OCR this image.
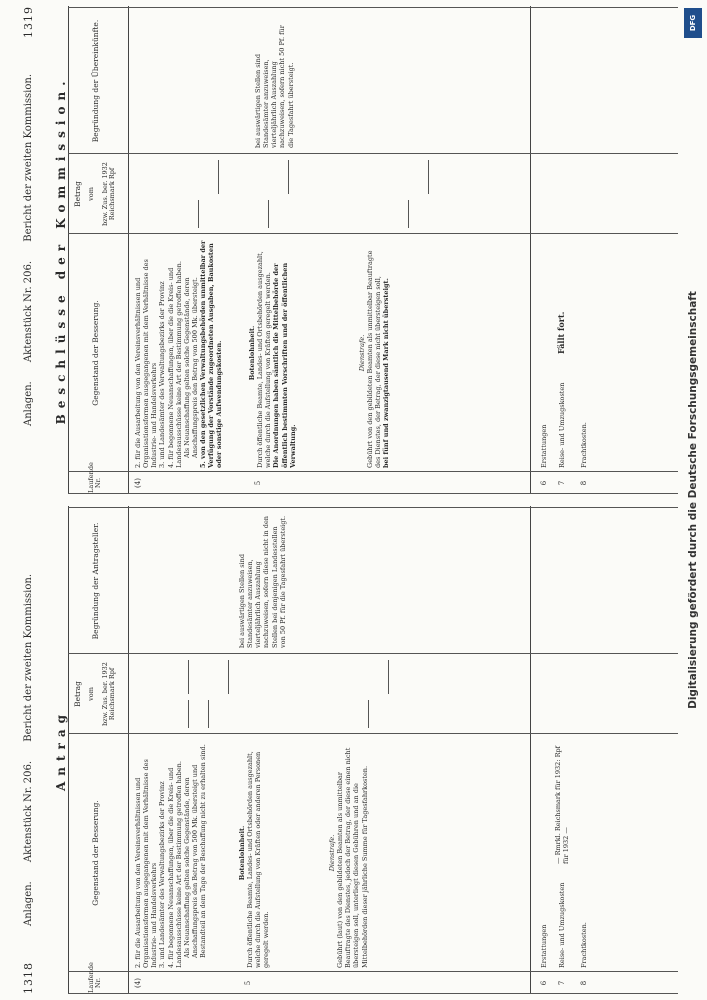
1318
Anlagen. Aktenstück Nr. 206. Bericht der zweiten Kommission.
Antrag
Laufende Nr.
Gegenstand der Besserung.
Betrag vom bzw. Zus. ber. 1932 Reichsmark Rpf
Begründung der Antragsteller.
(4)
2. für die Ausarbeitung von den Vereinsverhältnissen und Organisationsformen ausgegangenen mit dem Verhältnisse des Industrie- und Handelsverkehrs 3. und Landesämter des Verwaltungsbezirks der Provinz 4. für begonnene Neuanschaffungen, über die die Kreis- und Landesausschüsse keine Art der Bestimmung getroffen haben. Als Neuanschaffung gelten solche Gegenstände, deren Anschaffungspreis den Betrag von 500 Mk. übersteigt und Bestandteil an dem Tage der Beschaffung nicht zu erhalten sind.
5
Botenlohnheit. Durch öffentliche Beamte, Landes- und Ortsbehörden ausgezahlt, welche durch die Aufstellung von Kräften oder anderen Personen geregelt werden.
bei auswärtigen Stellen sind Standesämter anzuweisen, vierteljährlich Auszahlung nachzuweisen, sofern diese nicht in den Stellen bei denjenigen Landesstellen von 50 Pf. für die Tagesfahrt übersteigt.
Dienstrafe. Gebührt (laut) von den gebildeten Beamten als unmittelbar Beauftragte des Dienstes, jedoch der Betrag, der diese einen nicht übersteigen soll, unterliegt diesen Gebühren und an die Mittelbehörden dieser jährliche Summe für Tagesfahrkosten.
6
Erstattungen
7
Reise- und Umzugskosten
— Rmrkl. Reichsmark für 1932: Rpf für 1932 —
8
Frachtkosten.
1319
Anlagen. Aktenstück Nr. 206. Bericht der zweiten Kommission. Beschlüsse der Kommission.
Laufende Nr.
Gegenstand der Besserung.
Betrag vom bzw. Zus. ber. 1932 Reichsmark Rpf
Begründung der Übereinkünfte.
(4)
2. für die Ausarbeitung von den Vereinsverhältnissen und Organisationsformen ausgegangenen mit dem Verhältnisse des Industrie- und Handelsverkehrs 3. und Landesämter des Verwaltungsbezirks der Provinz 4. für begonnene Neuanschaffungen, über die die Kreis- und Landesausschüsse keine Art der Bestimmung getroffen haben. Als Neuanschaffung gelten solche Gegenstände, deren Anschaffungspreis den Betrag von 500 Mk. übersteigt. 5. von den gesetzlichen Verwaltungsbehörden unmittelbar der Verfügung der Vorstände zugeordneten Ausgaben, Baukosten oder sonstige Aufwendungskosten.
5
Botenlohnheit. Durch öffentliche Beamte, Landes- und Ortsbehörden ausgezahlt, welche durch die Aufstellung von Kräften geregelt werden. Die Anordnungen haben sämtlich die Mittelbehörde der öffentlich bestimmten Vorschriften und der öffentlichen Verwaltung.
bei auswärtigen Stellen sind Standesämter anzuweisen, vierteljährlich Auszahlung nachzuweisen, sofern nicht 50 Pf. für die Tagesfahrt übersteigt.
Dienstrafe. Gebührt von den gebildeten Beamten als unmittelbar Beauftragte des Dienstes, der Betrag, der diese nicht übersteigen soll, bei fünf und zwanzigtausend Mark nicht übersteigt.
6
Erstattungen
7
Reise- und Umzugskosten
Fällt fort.
8
Frachtkosten.
DFG
Digitalisierung gefördert durch die Deutsche Forschungsgemeinschaft
